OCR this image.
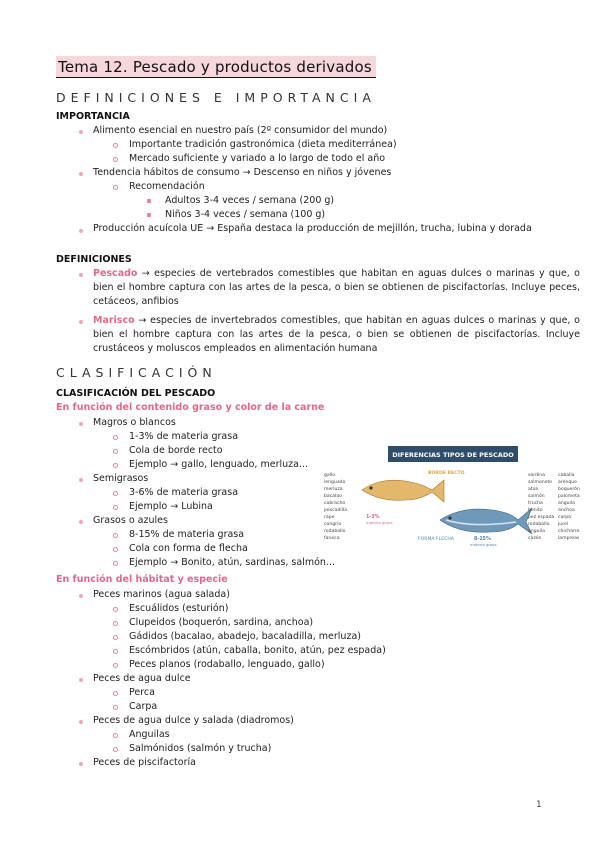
Tema 12. Pescado y productos derivados
DEFINICIONES E IMPORTANCIA
IMPORTANCIA
Alimento esencial en nuestro país (2º consumidor del mundo)
Importante tradición gastronómica (dieta mediterránea)
Mercado suficiente y variado a lo largo de todo el año
Tendencia hábitos de consumo → Descenso en niños y jóvenes
Recomendación
Adultos 3-4 veces / semana (200 g)
Niños 3-4 veces / semana (100 g)
Producción acuícola UE → España destaca la producción de mejillón, trucha, lubina y dorada
DEFINICIONES
Pescado → especies de vertebrados comestibles que habitan en aguas dulces o marinas y que, o bien el hombre captura con las artes de la pesca, o bien se obtienen de piscifactorías. Incluye peces, cetáceos, anfibios
Marisco → especies de invertebrados comestibles, que habitan en aguas dulces o marinas y que, o bien el hombre captura con las artes de la pesca, o bien se obtienen de piscifactorías. Incluye crustáceos y moluscos empleados en alimentación humana
CLASIFICACIÓN
CLASIFICACIÓN DEL PESCADO
En función del contenido graso y color de la carne
Magros o blancos
1-3% de materia grasa
Cola de borde recto
Ejemplo → gallo, lenguado, merluza...
Semigrasos
3-6% de materia grasa
Ejemplo → Lubina
Grasos o azules
8-15% de materia grasa
Cola con forma de flecha
Ejemplo → Bonito, atún, sardinas, salmón...
En función del hábitat y especie
Peces marinos (agua salada)
Escuálidos (esturión)
Clupeidos (boquerón, sardina, anchoa)
Gádidos (bacalao, abadejo, bacaladilla, merluza)
Escómbridos (atún, caballa, bonito, atún, pez espada)
Peces planos (rodaballo, lenguado, gallo)
Peces de agua dulce
Perca
Carpa
Peces de agua dulce y salada (diadromos)
Anguilas
Salmónidos (salmón y trucha)
Peces de piscifactoría
DIFERENCIAS TIPOS DE PESCADO
gallo
lenguado
merluza
bacalao
cabracho
pescadilla
rape
congrio
rodaballo
faneca
BORDE RECTO
1-3%
materia grasa
FORMA FLECHA	8-15%
materia grasa
sardina
salmonete
atún
salmón
trucha
bonito
pez espada
rodaballo
anguila
cazón
caballa
arenque
boquerón
palometa
anguila
anchoa
carpa
jurel
chicharro
lampreas
1
